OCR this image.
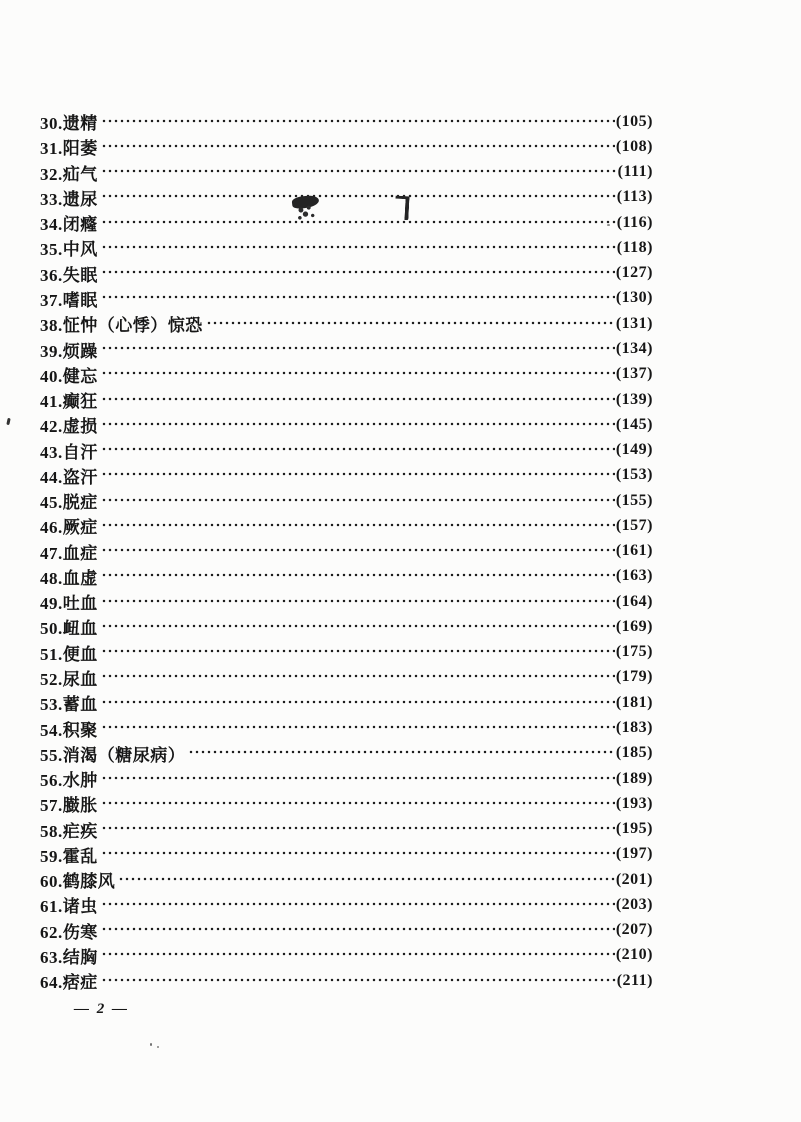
30.遗精	(105)
31.阳萎	(108)
32.疝气	(111)
33.遗尿	(113)
34.闭癃	(116)
35.中风	(118)
36.失眠	(127)
37.嗜眠	(130)
38.怔忡（心悸）惊恐	(131)
39.烦躁	(134)
40.健忘	(137)
41.癫狂	(139)
42.虚损	(145)
43.自汗	(149)
44.盗汗	(153)
45.脱症	(155)
46.厥症	(157)
47.血症	(161)
48.血虚	(163)
49.吐血	(164)
50.衄血	(169)
51.便血	(175)
52.尿血	(179)
53.蓄血	(181)
54.积聚	(183)
55.消渴（糖尿病）	(185)
56.水肿	(189)
57.臌胀	(193)
58.疟疾	(195)
59.霍乱	(197)
60.鹤膝风	(201)
61.诸虫	(203)
62.伤寒	(207)
63.结胸	(210)
64.痞症	(211)
— 2 —
